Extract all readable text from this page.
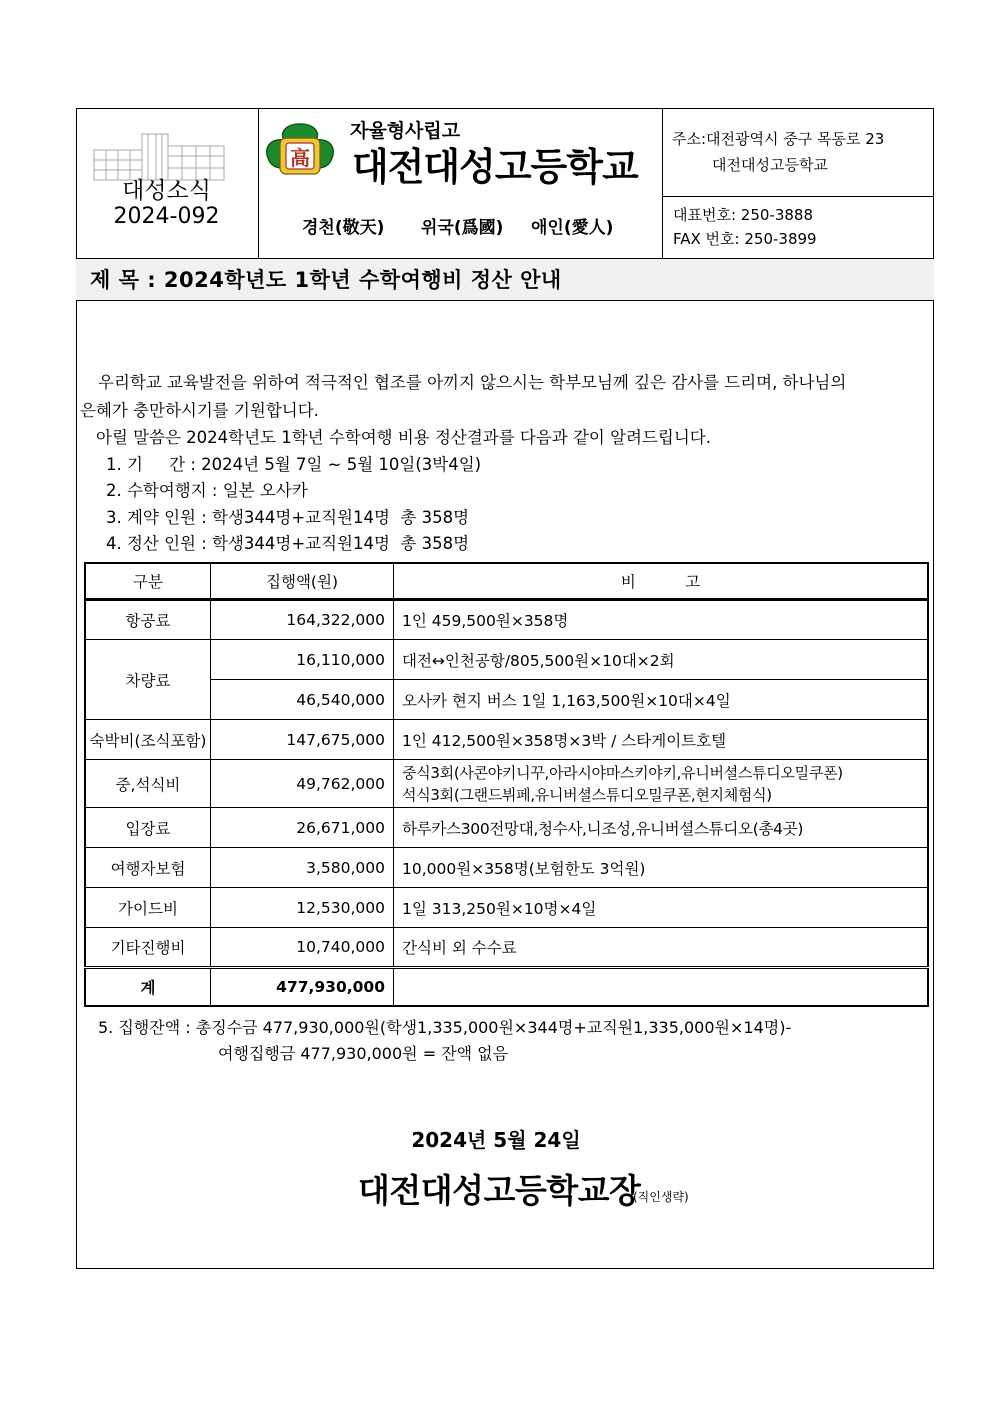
대성소식
2024-092
高
자율형사립고
대전대성고등학교
경천(敬天) 위국(爲國) 애인(愛人)
주소:대전광역시 중구 목동로 23
대전대성고등학교
대표번호: 250-3888
FAX 번호: 250-3899
제 목 : 2024학년도 1학년 수학여행비 정산 안내
우리학교 교육발전을 위하여 적극적인 협조를 아끼지 않으시는 학부모님께 깊은 감사를 드리며, 하나님의
은혜가 충만하시기를 기원합니다.
아릴 말씀은 2024학년도 1학년 수학여행 비용 정산결과를 다음과 같이 알려드립니다.
1. 기     간 : 2024년 5월 7일 ~ 5월 10일(3박4일)
2. 수학여행지 : 일본 오사카
3. 계약 인원 : 학생344명+교직원14명  총 358명
4. 정산 인원 : 학생344명+교직원14명  총 358명
구분	집행액(원)	비          고
항공료	164,322,000	1인 459,500원×358명
차량료	16,110,000	대전↔인천공항/805,500원×10대×2회
	46,540,000	오사카 현지 버스 1일 1,163,500원×10대×4일
숙박비(조식포함)	147,675,000	1인 412,500원×358명×3박 / 스타게이트호텔
중,석식비	49,762,000	중식3회(사콘야키니꾸,아라시야마스키야키,유니버셜스튜디오밀쿠폰)
석식3회(그랜드뷔페,유니버셜스튜디오밀쿠폰,현지체험식)

입장료	26,671,000	하루카스300전망대,청수사,니조성,유니버셜스튜디오(총4곳)
여행자보험	3,580,000	10,000원×358명(보험한도 3억원)
가이드비	12,530,000	1일 313,250원×10명×4일
기타진행비	10,740,000	간식비 외 수수료
계	477,930,000	
5. 집행잔액 : 총징수금 477,930,000원(학생1,335,000원×344명+교직원1,335,000원×14명)-
여행집행금 477,930,000원 = 잔액 없음
2024년 5월 24일
대전대성고등학교장
(직인생략)
